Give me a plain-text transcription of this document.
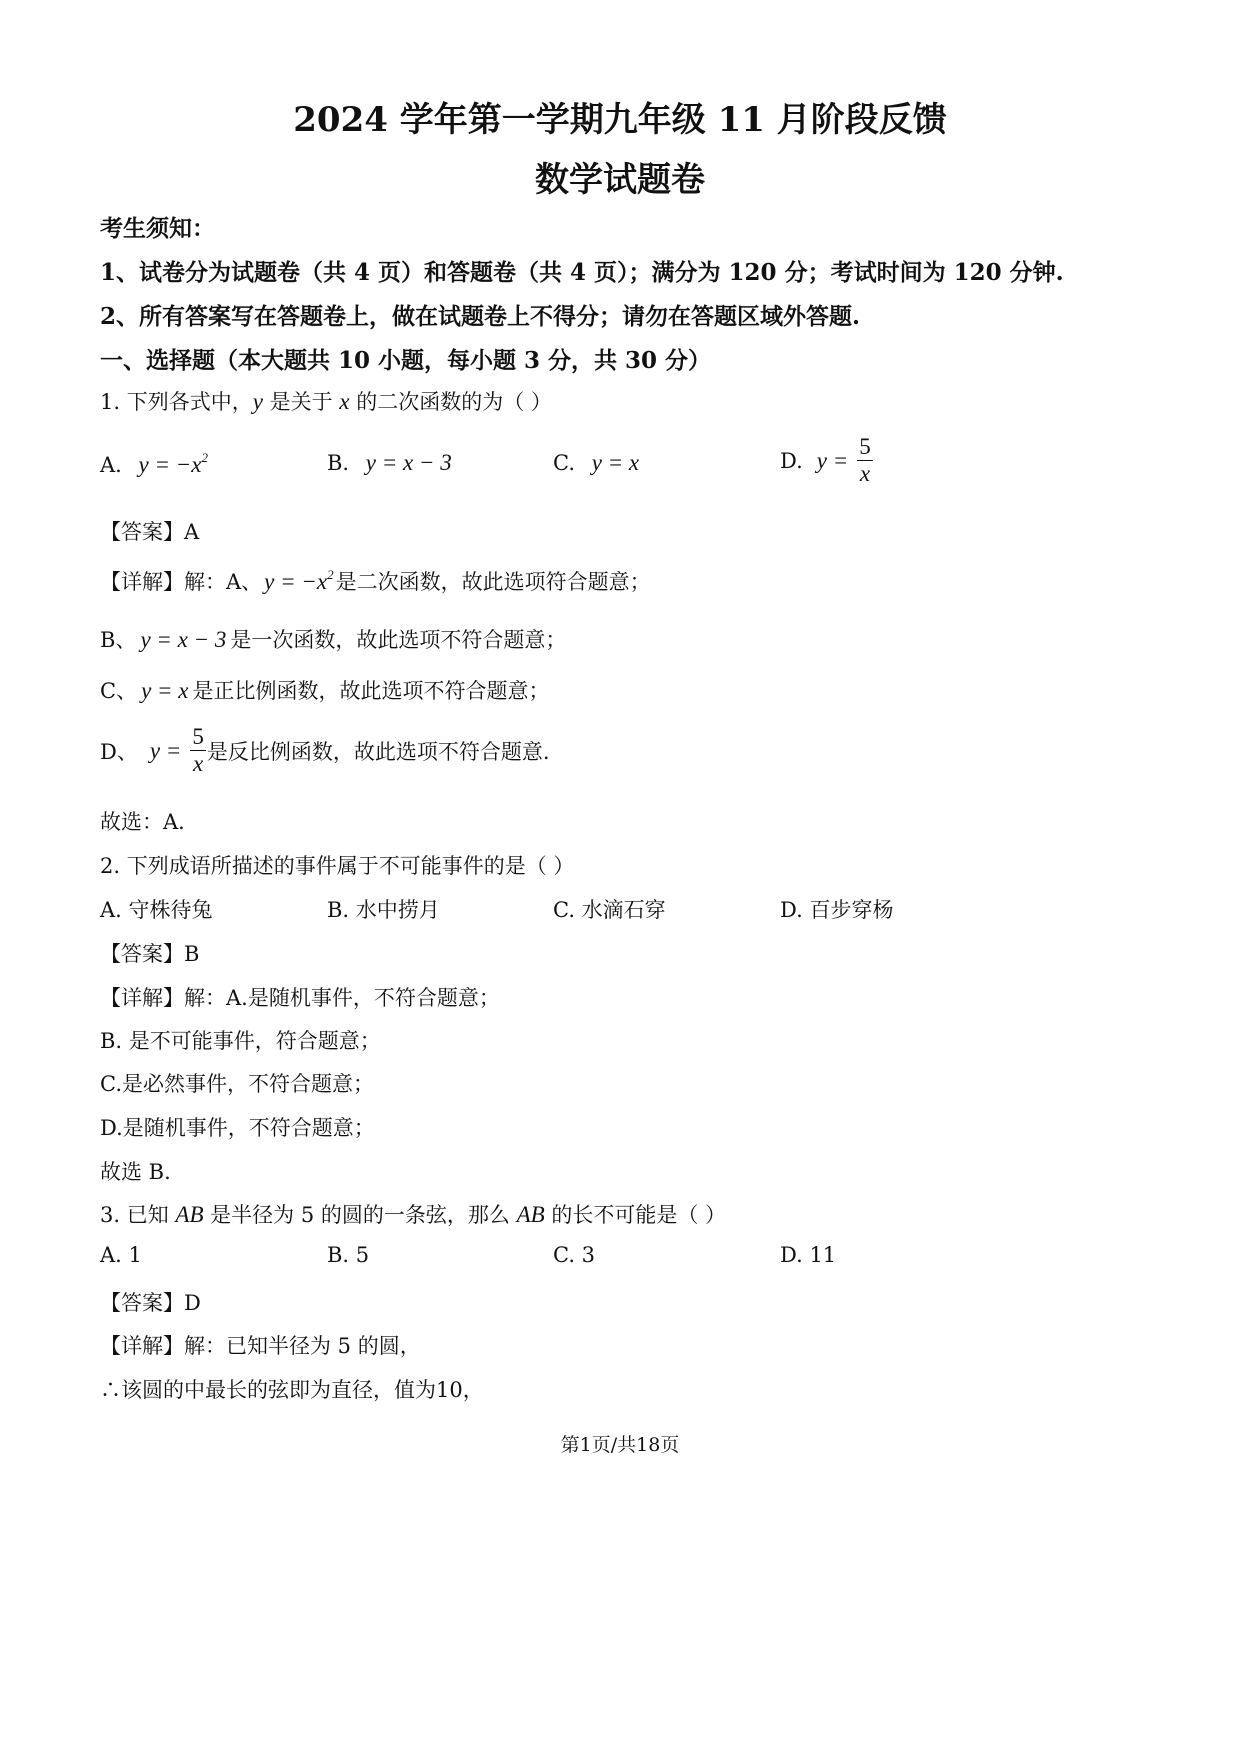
2024 学年第一学期九年级 11 月阶段反馈
数学试题卷
考生须知：
1、试卷分为试题卷（共 4 页）和答题卷（共 4 页）；满分为 120 分；考试时间为 120 分钟.
2、所有答案写在答题卷上，做在试题卷上不得分；请勿在答题区域外答题.
一、选择题（本大题共 10 小题，每小题 3 分，共 30 分）
1. 下列各式中，y 是关于 x 的二次函数的为（ ）
A. $y = -x^2$	B. y = x − 3	C. y = x	D. $y = \frac{5}{x}$
【答案】A
【详解】解：A、$y = -x^2$是二次函数，故此选项符合题意；
B、 y = x − 3 是一次函数，故此选项不符合题意；
C、 y = x 是正比例函数，故此选项不符合题意；
D、 $y = \frac{5}{x}$ 是反比例函数，故此选项不符合题意.
故选：A.
2. 下列成语所描述的事件属于不可能事件的是（ ）
A. 守株待兔	B. 水中捞月	C. 水滴石穿	D. 百步穿杨
【答案】B
【详解】解：A.是随机事件，不符合题意；
B. 是不可能事件，符合题意；
C.是必然事件，不符合题意；
D.是随机事件，不符合题意；
故选 B.
3. 已知 AB 是半径为 5 的圆的一条弦，那么 AB 的长不可能是（ ）
A. 1	B. 5	C. 3	D. 11
【答案】D
【详解】解：已知半径为 5 的圆，
∴该圆的中最长的弦即为直径，值为10，
第1页/共18页
